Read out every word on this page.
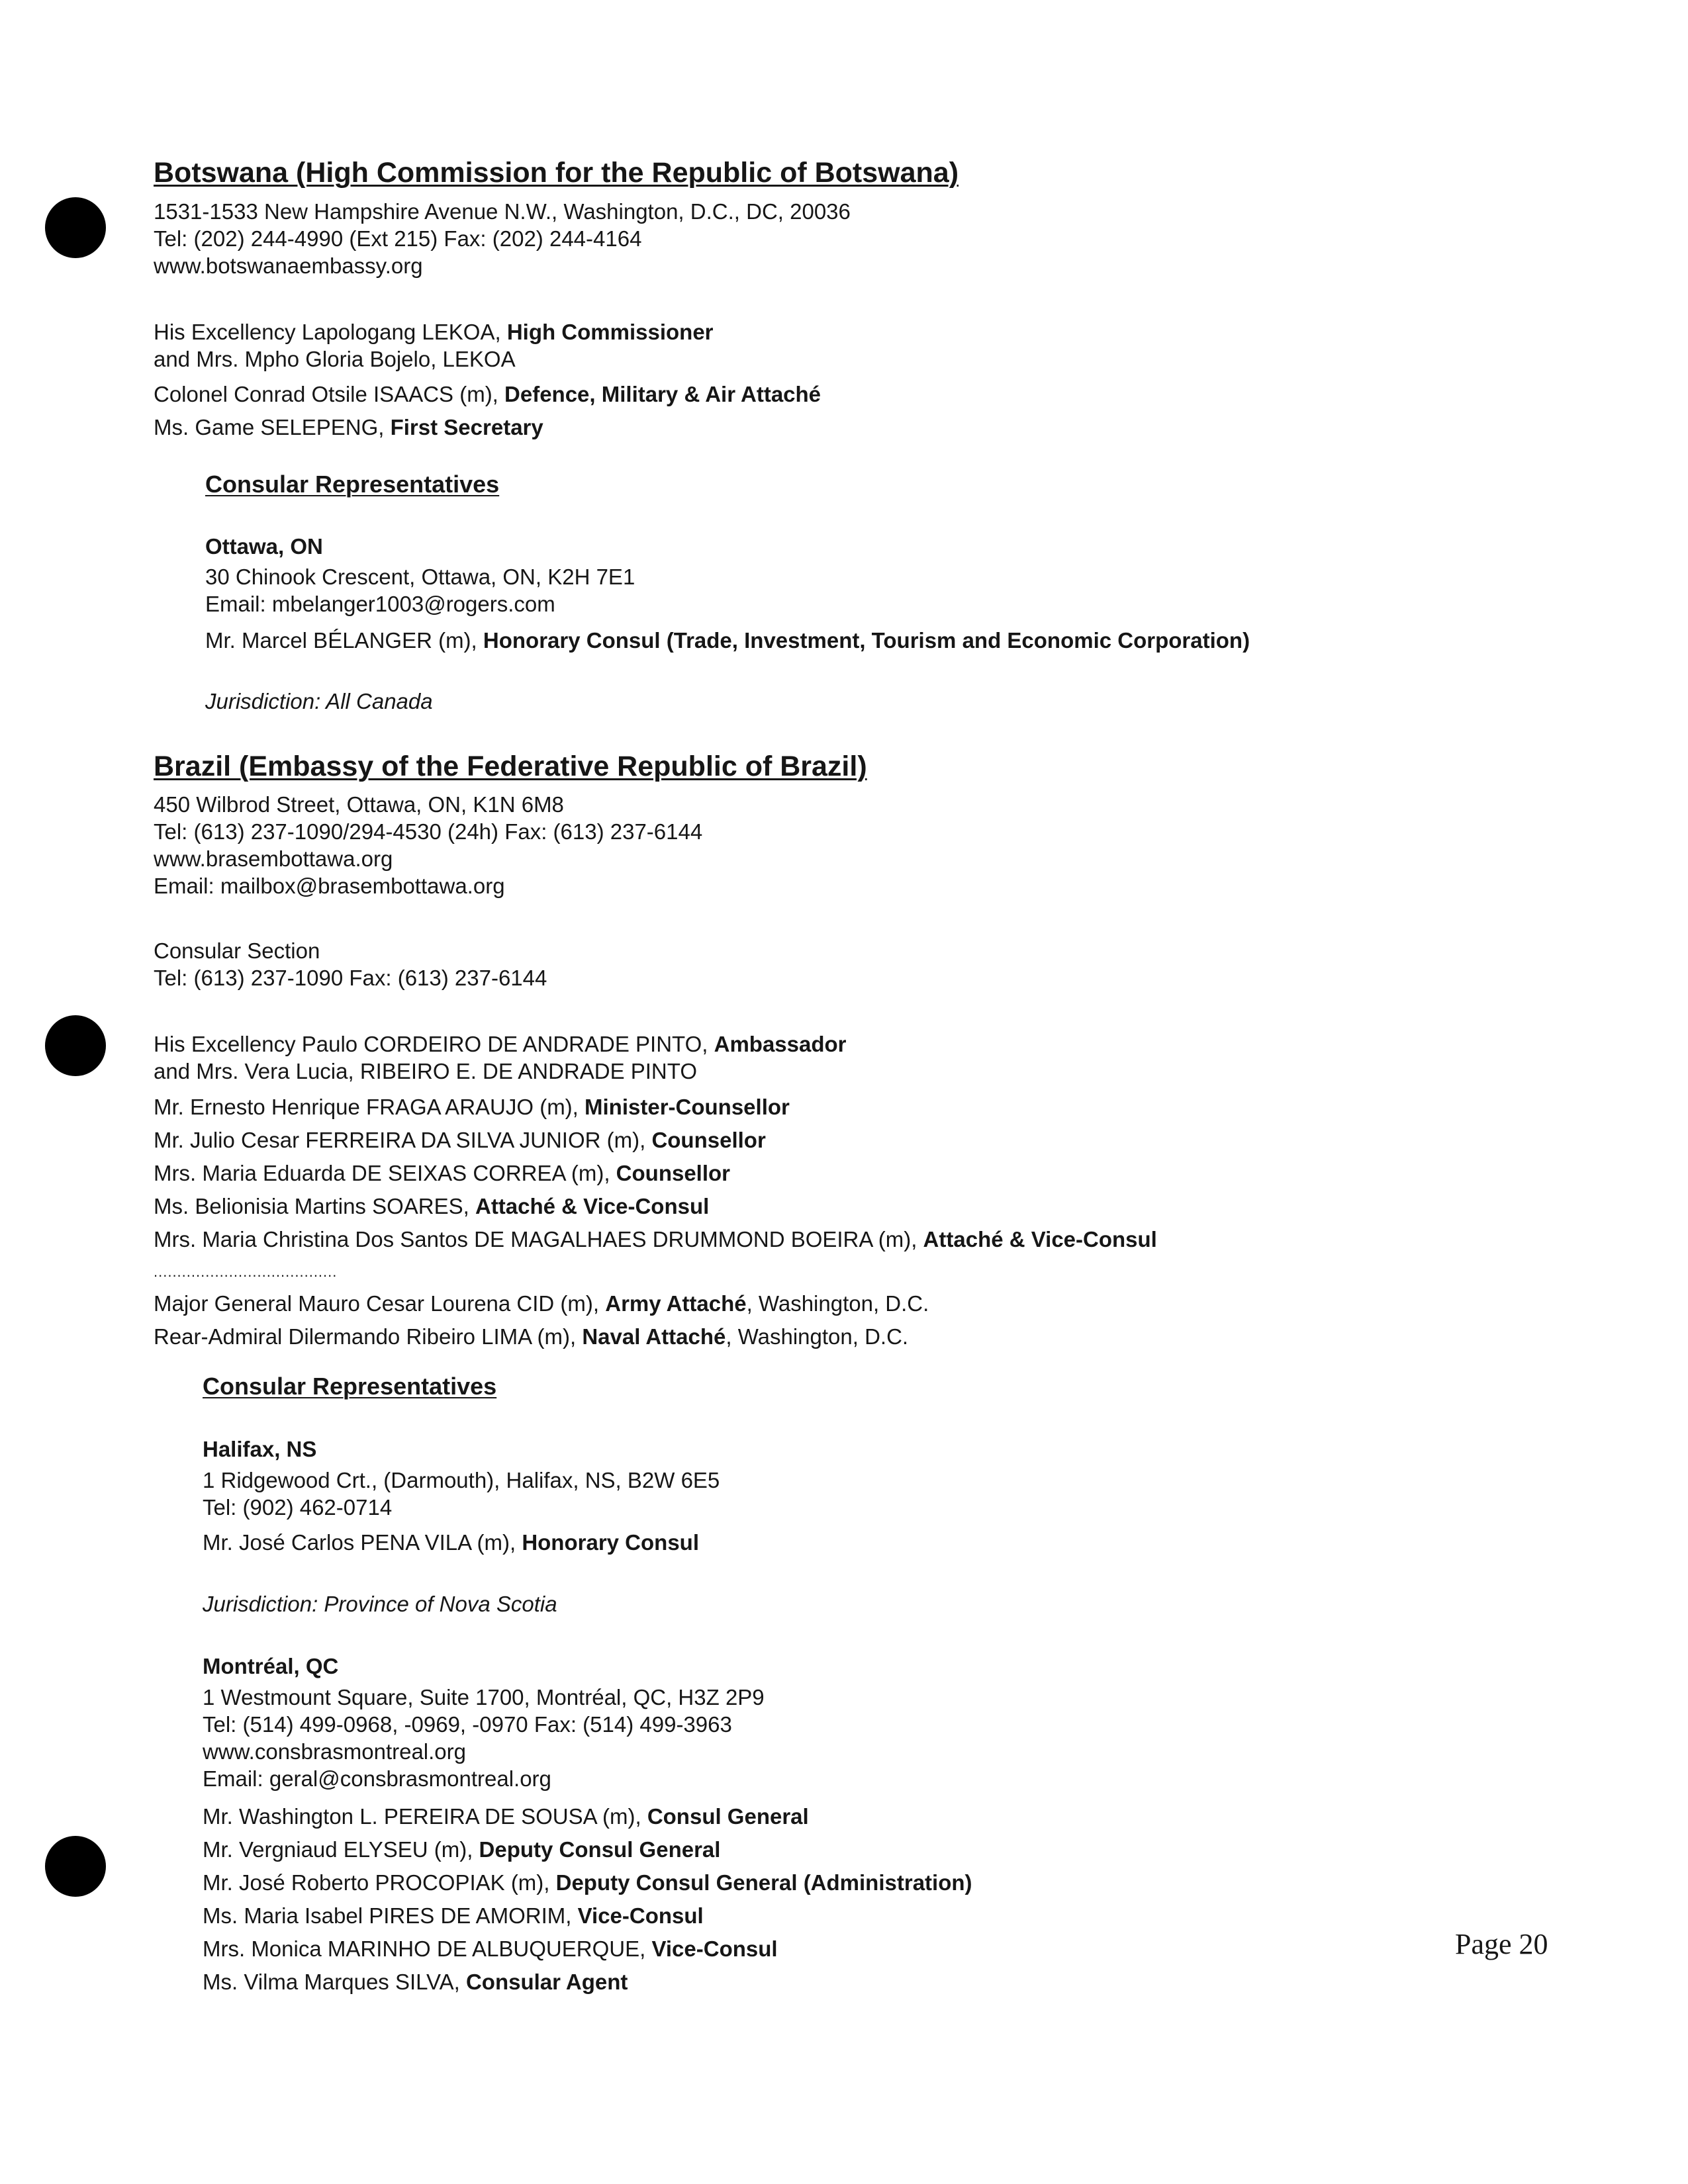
Botswana (High Commission for the Republic of Botswana)
1531-1533 New Hampshire Avenue N.W., Washington, D.C., DC, 20036
Tel: (202) 244-4990 (Ext 215) Fax: (202) 244-4164
www.botswanaembassy.org
His Excellency Lapologang LEKOA, High Commissioner
and Mrs. Mpho Gloria Bojelo, LEKOA
Colonel Conrad Otsile ISAACS (m), Defence, Military & Air Attaché
Ms. Game SELEPENG, First Secretary
Consular Representatives
Ottawa, ON
30 Chinook Crescent, Ottawa, ON, K2H 7E1
Email: mbelanger1003@rogers.com
Mr. Marcel BÉLANGER (m), Honorary Consul (Trade, Investment, Tourism and Economic Corporation)
Jurisdiction: All Canada
Brazil (Embassy of the Federative Republic of Brazil)
450 Wilbrod Street, Ottawa, ON, K1N 6M8
Tel: (613) 237-1090/294-4530 (24h) Fax: (613) 237-6144
www.brasembottawa.org
Email: mailbox@brasembottawa.org
Consular Section
Tel: (613) 237-1090 Fax: (613) 237-6144
His Excellency Paulo CORDEIRO DE ANDRADE PINTO, Ambassador
and Mrs. Vera Lucia, RIBEIRO E. DE ANDRADE PINTO
Mr. Ernesto Henrique FRAGA ARAUJO (m), Minister-Counsellor
Mr. Julio Cesar FERREIRA DA SILVA JUNIOR (m), Counsellor
Mrs. Maria Eduarda DE SEIXAS CORREA (m), Counsellor
Ms. Belionisia Martins SOARES, Attaché & Vice-Consul
Mrs. Maria Christina Dos Santos DE MAGALHAES DRUMMOND BOEIRA (m), Attaché & Vice-Consul
.......................................
Major General Mauro Cesar Lourena CID (m), Army Attaché, Washington, D.C.
Rear-Admiral Dilermando Ribeiro LIMA (m), Naval Attaché, Washington, D.C.
Consular Representatives
Halifax, NS
1 Ridgewood Crt., (Darmouth), Halifax, NS, B2W 6E5
Tel: (902) 462-0714
Mr. José Carlos PENA VILA (m), Honorary Consul
Jurisdiction: Province of Nova Scotia
Montréal, QC
1 Westmount Square, Suite 1700, Montréal, QC, H3Z 2P9
Tel: (514) 499-0968, -0969, -0970 Fax: (514) 499-3963
www.consbrasmontreal.org
Email: geral@consbrasmontreal.org
Mr. Washington L. PEREIRA DE SOUSA (m), Consul General
Mr. Vergniaud ELYSEU (m), Deputy Consul General
Mr. José Roberto PROCOPIAK (m), Deputy Consul General (Administration)
Ms. Maria Isabel PIRES DE AMORIM, Vice-Consul
Mrs. Monica MARINHO DE ALBUQUERQUE, Vice-Consul
Ms. Vilma Marques SILVA, Consular Agent
Page 20
